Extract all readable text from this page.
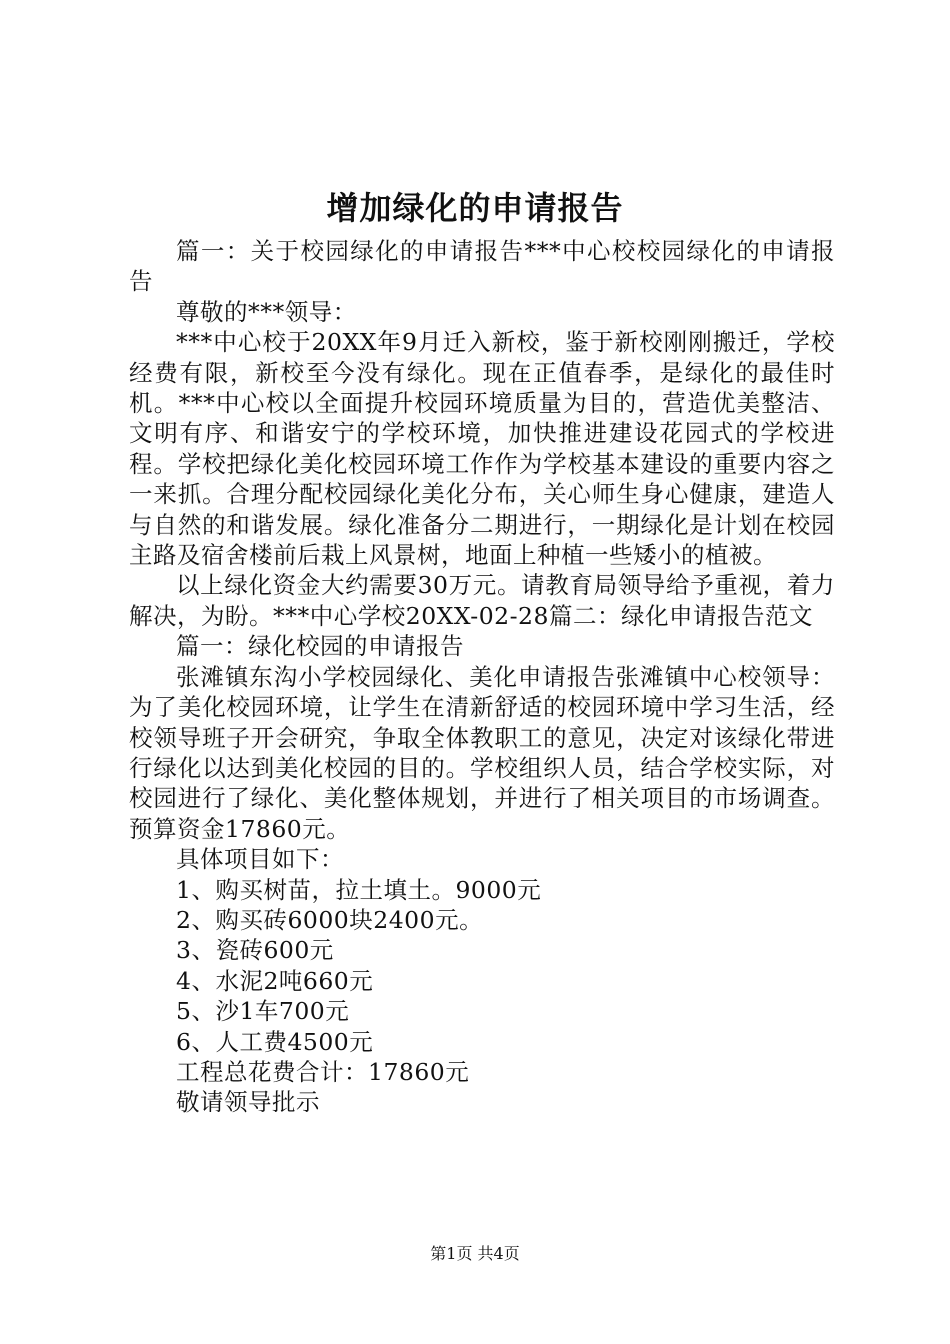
增加绿化的申请报告

篇一：关于校园绿化的申请报告***中心校校园绿化的申请报告

尊敬的***领导：

***中心校于20XX年9月迁入新校，鉴于新校刚刚搬迁，学校经费有限，新校至今没有绿化。现在正值春季，是绿化的最佳时机。***中心校以全面提升校园环境质量为目的，营造优美整洁、文明有序、和谐安宁的学校环境，加快推进建设花园式的学校进程。学校把绿化美化校园环境工作作为学校基本建设的重要内容之一来抓。合理分配校园绿化美化分布，关心师生身心健康，建造人与自然的和谐发展。绿化准备分二期进行，一期绿化是计划在校园主路及宿舍楼前后栽上风景树，地面上种植一些矮小的植被。

以上绿化资金大约需要30万元。请教育局领导给予重视，着力解决，为盼。***中心学校20XX-02-28篇二：绿化申请报告范文

篇一：绿化校园的申请报告

张滩镇东沟小学校园绿化、美化申请报告张滩镇中心校领导：为了美化校园环境，让学生在清新舒适的校园环境中学习生活，经校领导班子开会研究，争取全体教职工的意见，决定对该绿化带进行绿化以达到美化校园的目的。学校组织人员，结合学校实际，对校园进行了绿化、美化整体规划，并进行了相关项目的市场调查。预算资金17860元。

具体项目如下：

1、购买树苗，拉土填土。9000元

2、购买砖6000块2400元。

3、瓷砖600元

4、水泥2吨660元

5、沙1车700元

6、人工费4500元

工程总花费合计：17860元

敬请领导批示

第1页 共4页
